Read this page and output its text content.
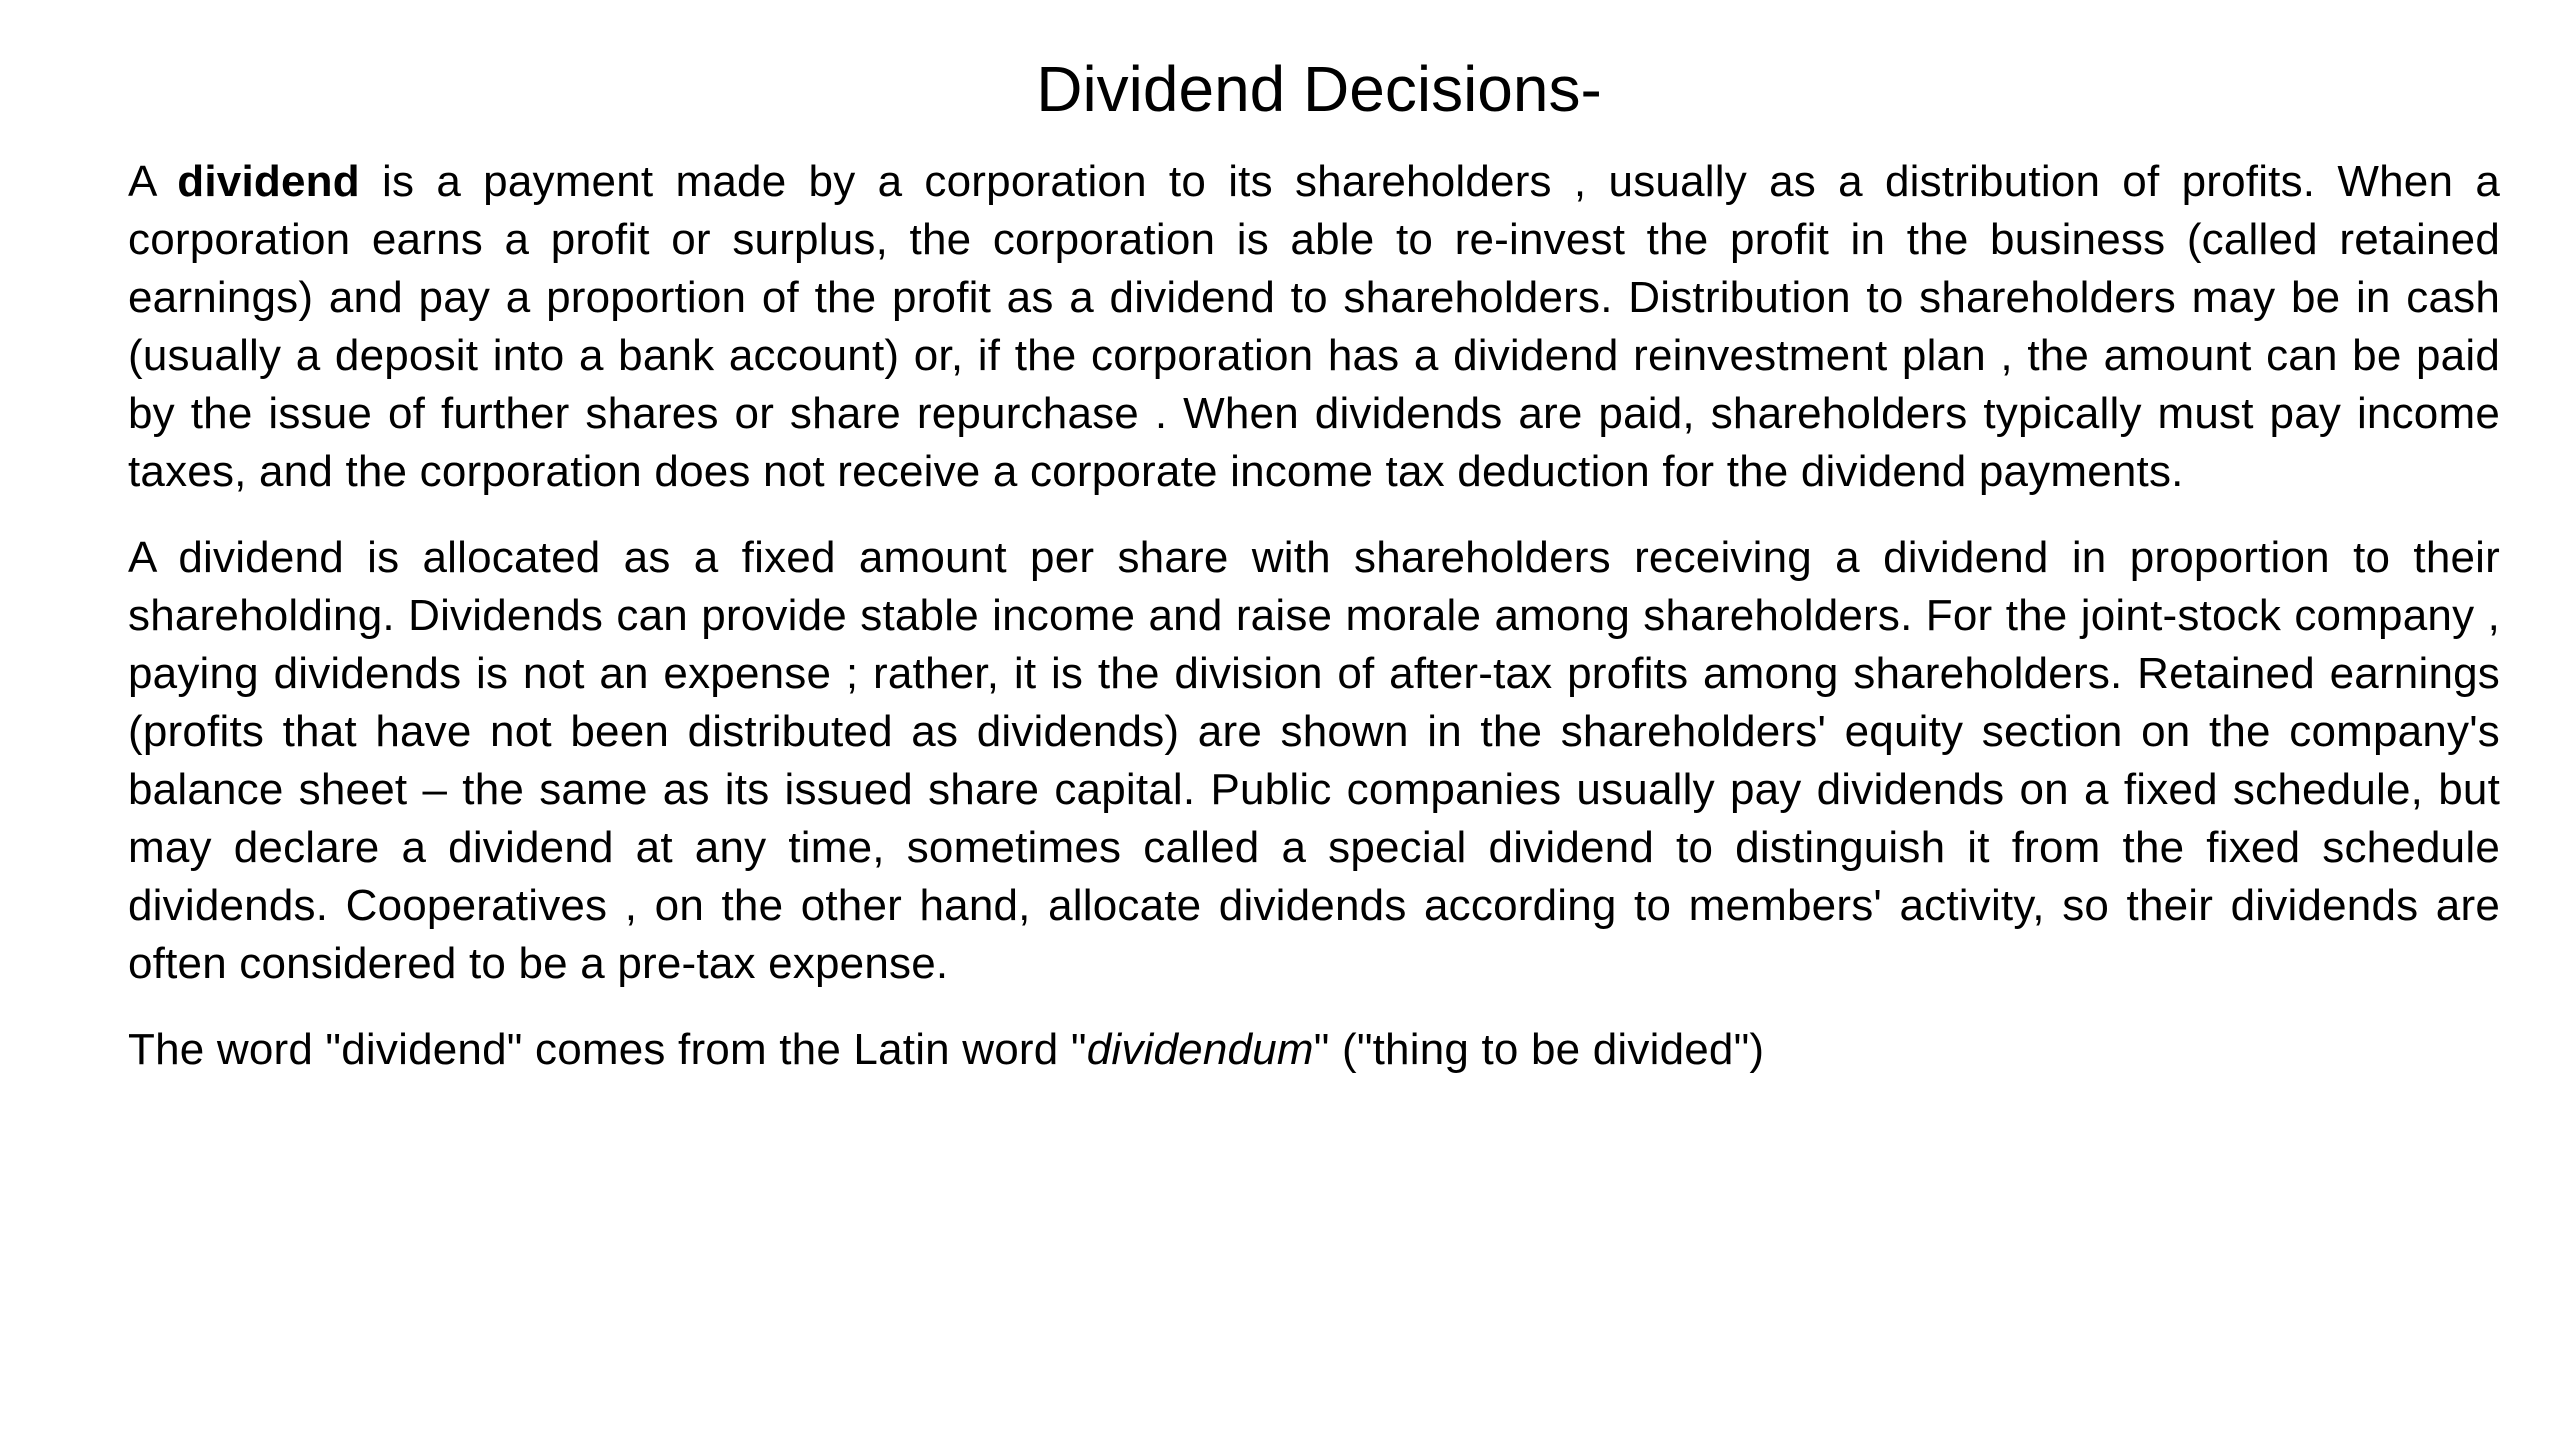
Dividend Decisions-

A dividend is a payment made by a corporation to its shareholders , usually as a distribution of profits. When a corporation earns a profit or surplus, the corporation is able to re-invest the profit in the business (called retained earnings) and pay a proportion of the profit as a dividend to shareholders. Distribution to shareholders may be in cash (usually a deposit into a bank account) or, if the corporation has a dividend reinvestment plan , the amount can be paid by the issue of further shares or share repurchase . When dividends are paid, shareholders typically must pay income taxes, and the corporation does not receive a corporate income tax deduction for the dividend payments.

A dividend is allocated as a fixed amount per share with shareholders receiving a dividend in proportion to their shareholding. Dividends can provide stable income and raise morale among shareholders. For the joint-stock company , paying dividends is not an expense ; rather, it is the division of after-tax profits among shareholders. Retained earnings (profits that have not been distributed as dividends) are shown in the shareholders' equity section on the company's balance sheet – the same as its issued share capital. Public companies usually pay dividends on a fixed schedule, but may declare a dividend at any time, sometimes called a special dividend to distinguish it from the fixed schedule dividends. Cooperatives , on the other hand, allocate dividends according to members' activity, so their dividends are often considered to be a pre-tax expense.

The word "dividend" comes from the Latin word "dividendum" ("thing to be divided")
